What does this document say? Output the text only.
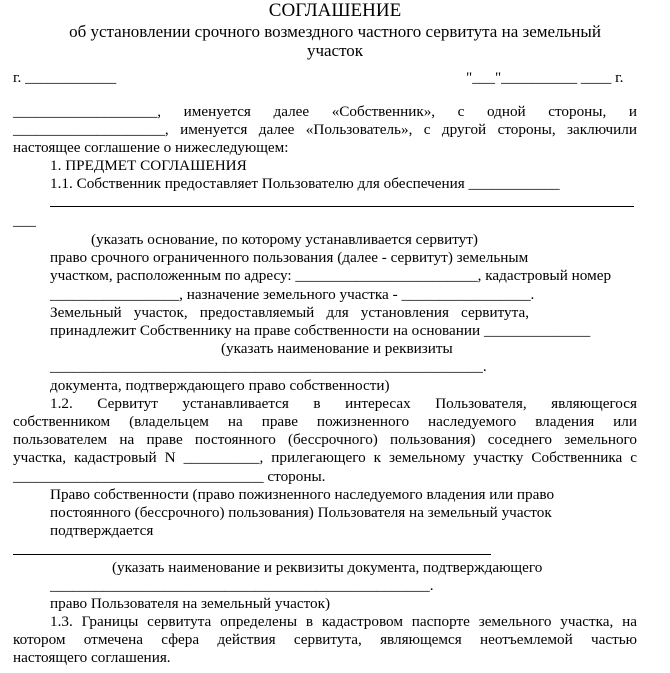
СОГЛАШЕНИЕ
об установлении срочного возмездного частного сервитута на земельный
участок
г. ____________	"___"__________ ____ г.
___________________, именуется далее «Собственник», с одной стороны, и
____________________, именуется далее «Пользователь», с другой стороны, заключили
настоящее соглашение о нижеследующем:
1. ПРЕДМЕТ СОГЛАШЕНИЯ
1.1. Собственник предоставляет Пользователю для обеспечения ____________
___
(указать основание, по которому устанавливается сервитут)
право срочного ограниченного пользования (далее - сервитут) земельным
участком, расположенным по адресу: ________________________, кадастровый номер
_________________, назначение земельного участка - _________________.
Земельный участок, предоставляемый для установления сервитута,
принадлежит Собственнику на праве собственности на основании ______________
(указать наименование и реквизиты
_________________________________________________________.
документа, подтверждающего право собственности)
1.2. Сервитут устанавливается в интересах Пользователя, являющегося
собственником (владельцем на праве пожизненного наследуемого владения или
пользователем на праве постоянного (бессрочного) пользования) соседнего земельного
участка, кадастровый N __________, прилегающего к земельному участку Собственника с
_________________________________ стороны.
Право собственности (право пожизненного наследуемого владения или право
постоянного (бессрочного) пользования) Пользователя на земельный участок
подтверждается
(указать наименование и реквизиты документа, подтверждающего
__________________________________________________.
право Пользователя на земельный участок)
1.3. Границы сервитута определены в кадастровом паспорте земельного участка, на
котором отмечена сфера действия сервитута, являющемся неотъемлемой частью
настоящего соглашения.
